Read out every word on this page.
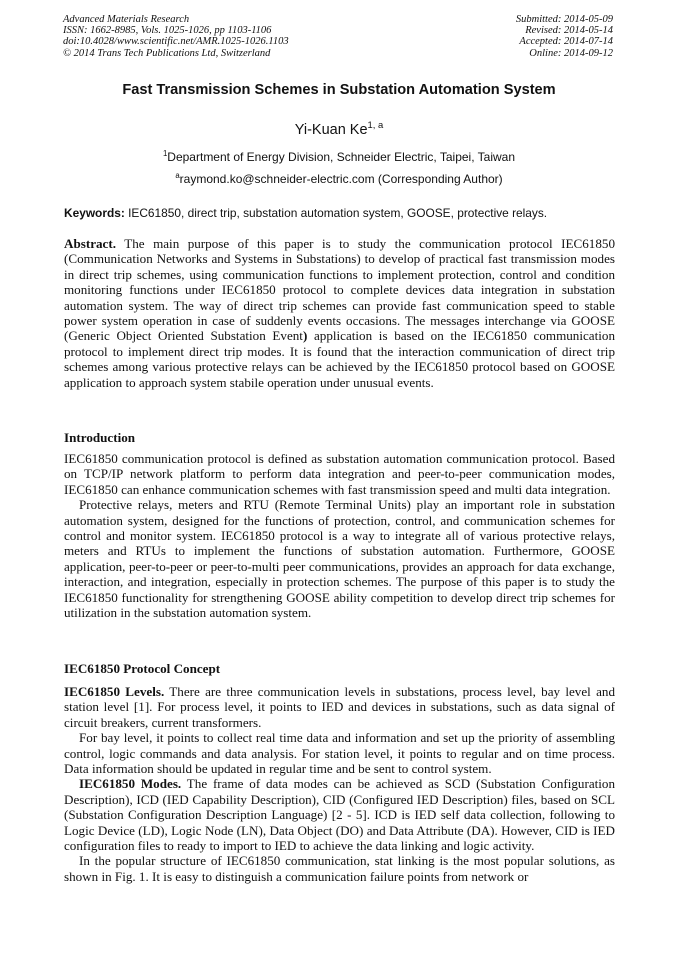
Advanced Materials Research
ISSN: 1662-8985, Vols. 1025-1026, pp 1103-1106
doi:10.4028/www.scientific.net/AMR.1025-1026.1103
© 2014 Trans Tech Publications Ltd, Switzerland
Submitted: 2014-05-09
Revised: 2014-05-14
Accepted: 2014-07-14
Online: 2014-09-12
Fast Transmission Schemes in Substation Automation System
Yi-Kuan Ke$^{1, a}$
$^1$Department of Energy Division, Schneider Electric, Taipei, Taiwan
$^a$raymond.ko@schneider-electric.com (Corresponding Author)
Keywords: IEC61850, direct trip, substation automation system, GOOSE, protective relays.

Abstract. The main purpose of this paper is to study the communication protocol IEC61850 (Communication Networks and Systems in Substations) to develop of practical fast transmission modes in direct trip schemes, using communication functions to implement protection, control and condition monitoring functions under IEC61850 protocol to complete devices data integration in substation automation system. The way of direct trip schemes can provide fast communication speed to stable power system operation in case of suddenly events occasions. The messages interchange via GOOSE (Generic Object Oriented Substation Event) application is based on the IEC61850 communication protocol to implement direct trip modes. It is found that the interaction communication of direct trip schemes among various protective relays can be achieved by the IEC61850 protocol based on GOOSE application to approach system stabile operation under unusual events.

Introduction

IEC61850 communication protocol is defined as substation automation communication protocol. Based on TCP/IP network platform to perform data integration and peer-to-peer communication modes, IEC61850 can enhance communication schemes with fast transmission speed and multi data integration.

Protective relays, meters and RTU (Remote Terminal Units) play an important role in substation automation system, designed for the functions of protection, control, and communication schemes for control and monitor system. IEC61850 protocol is a way to integrate all of various protective relays, meters and RTUs to implement the functions of substation automation. Furthermore, GOOSE application, peer-to-peer or peer-to-multi peer communications, provides an approach for data exchange, interaction, and integration, especially in protection schemes. The purpose of this paper is to study the IEC61850 functionality for strengthening GOOSE ability competition to develop direct trip schemes for utilization in the substation automation system.

IEC61850 Protocol Concept

IEC61850 Levels. There are three communication levels in substations, process level, bay level and station level [1]. For process level, it points to IED and devices in substations, such as data signal of circuit breakers, current transformers.

For bay level, it points to collect real time data and information and set up the priority of assembling control, logic commands and data analysis. For station level, it points to regular and on time process. Data information should be updated in regular time and be sent to control system.

IEC61850 Modes. The frame of data modes can be achieved as SCD (Substation Configuration Description), ICD (IED Capability Description), CID (Configured IED Description) files, based on SCL (Substation Configuration Description Language) [2 - 5]. ICD is IED self data collection, following to Logic Device (LD), Logic Node (LN), Data Object (DO) and Data Attribute (DA). However, CID is IED configuration files to ready to import to IED to achieve the data linking and logic activity.

In the popular structure of IEC61850 communication, stat linking is the most popular solutions, as shown in Fig. 1. It is easy to distinguish a communication failure points from network or
